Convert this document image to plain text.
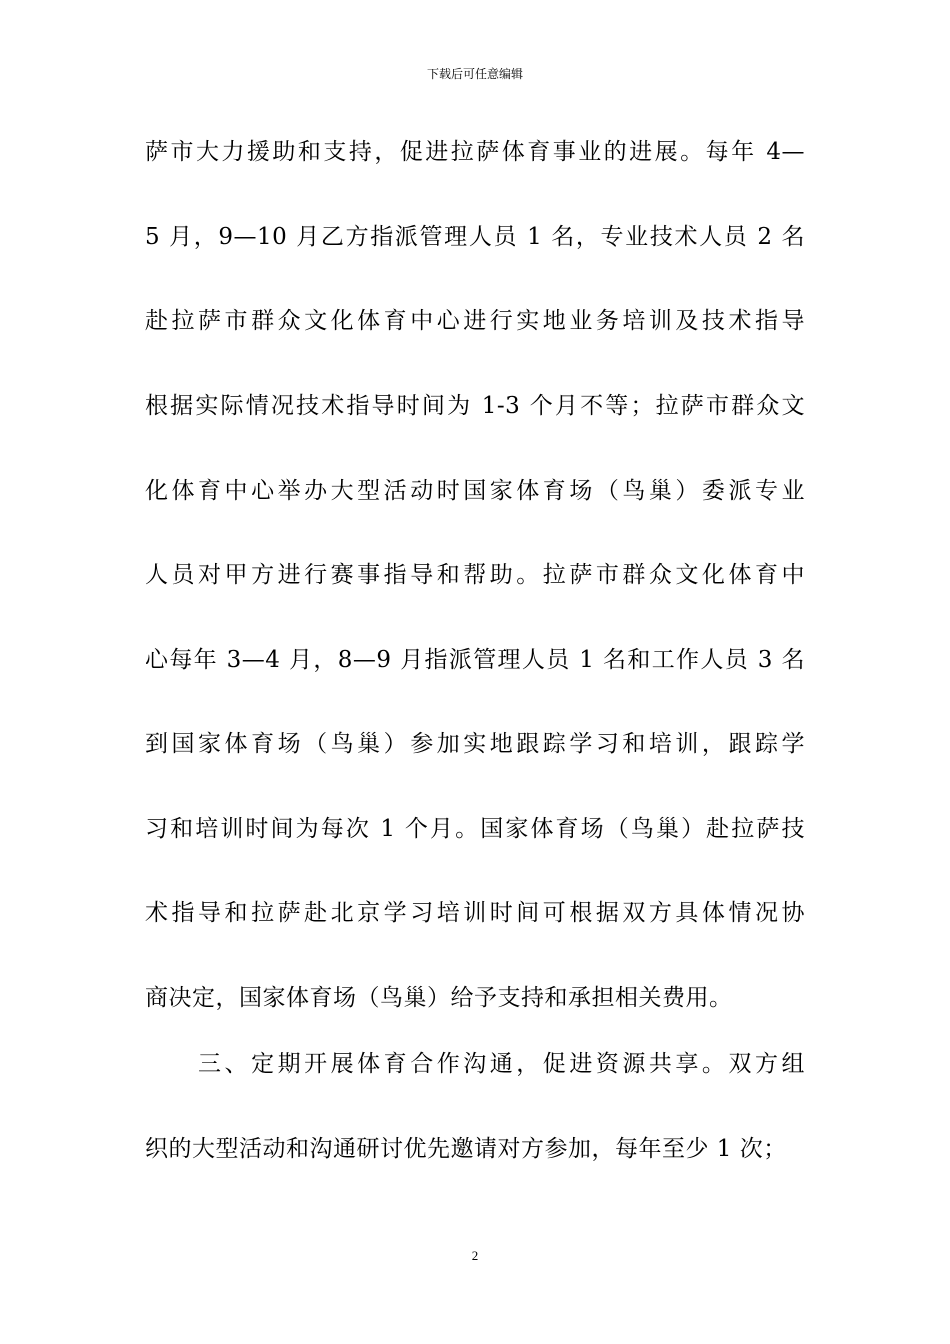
下载后可任意编辑
萨市大力援助和支持，促进拉萨体育事业的进展。每年 4—
5 月，9—10 月乙方指派管理人员 1 名，专业技术人员 2 名
赴拉萨市群众文化体育中心进行实地业务培训及技术指导
根据实际情况技术指导时间为 1-3 个月不等；拉萨市群众文
化体育中心举办大型活动时国家体育场（鸟巢）委派专业
人员对甲方进行赛事指导和帮助。拉萨市群众文化体育中
心每年 3—4 月，8—9 月指派管理人员 1 名和工作人员 3 名
到国家体育场（鸟巢）参加实地跟踪学习和培训，跟踪学
习和培训时间为每次 1 个月。国家体育场（鸟巢）赴拉萨技
术指导和拉萨赴北京学习培训时间可根据双方具体情况协
商决定，国家体育场（鸟巢）给予支持和承担相关费用。
　　三、定期开展体育合作沟通，促进资源共享。双方组
织的大型活动和沟通研讨优先邀请对方参加，每年至少 1 次；
2
